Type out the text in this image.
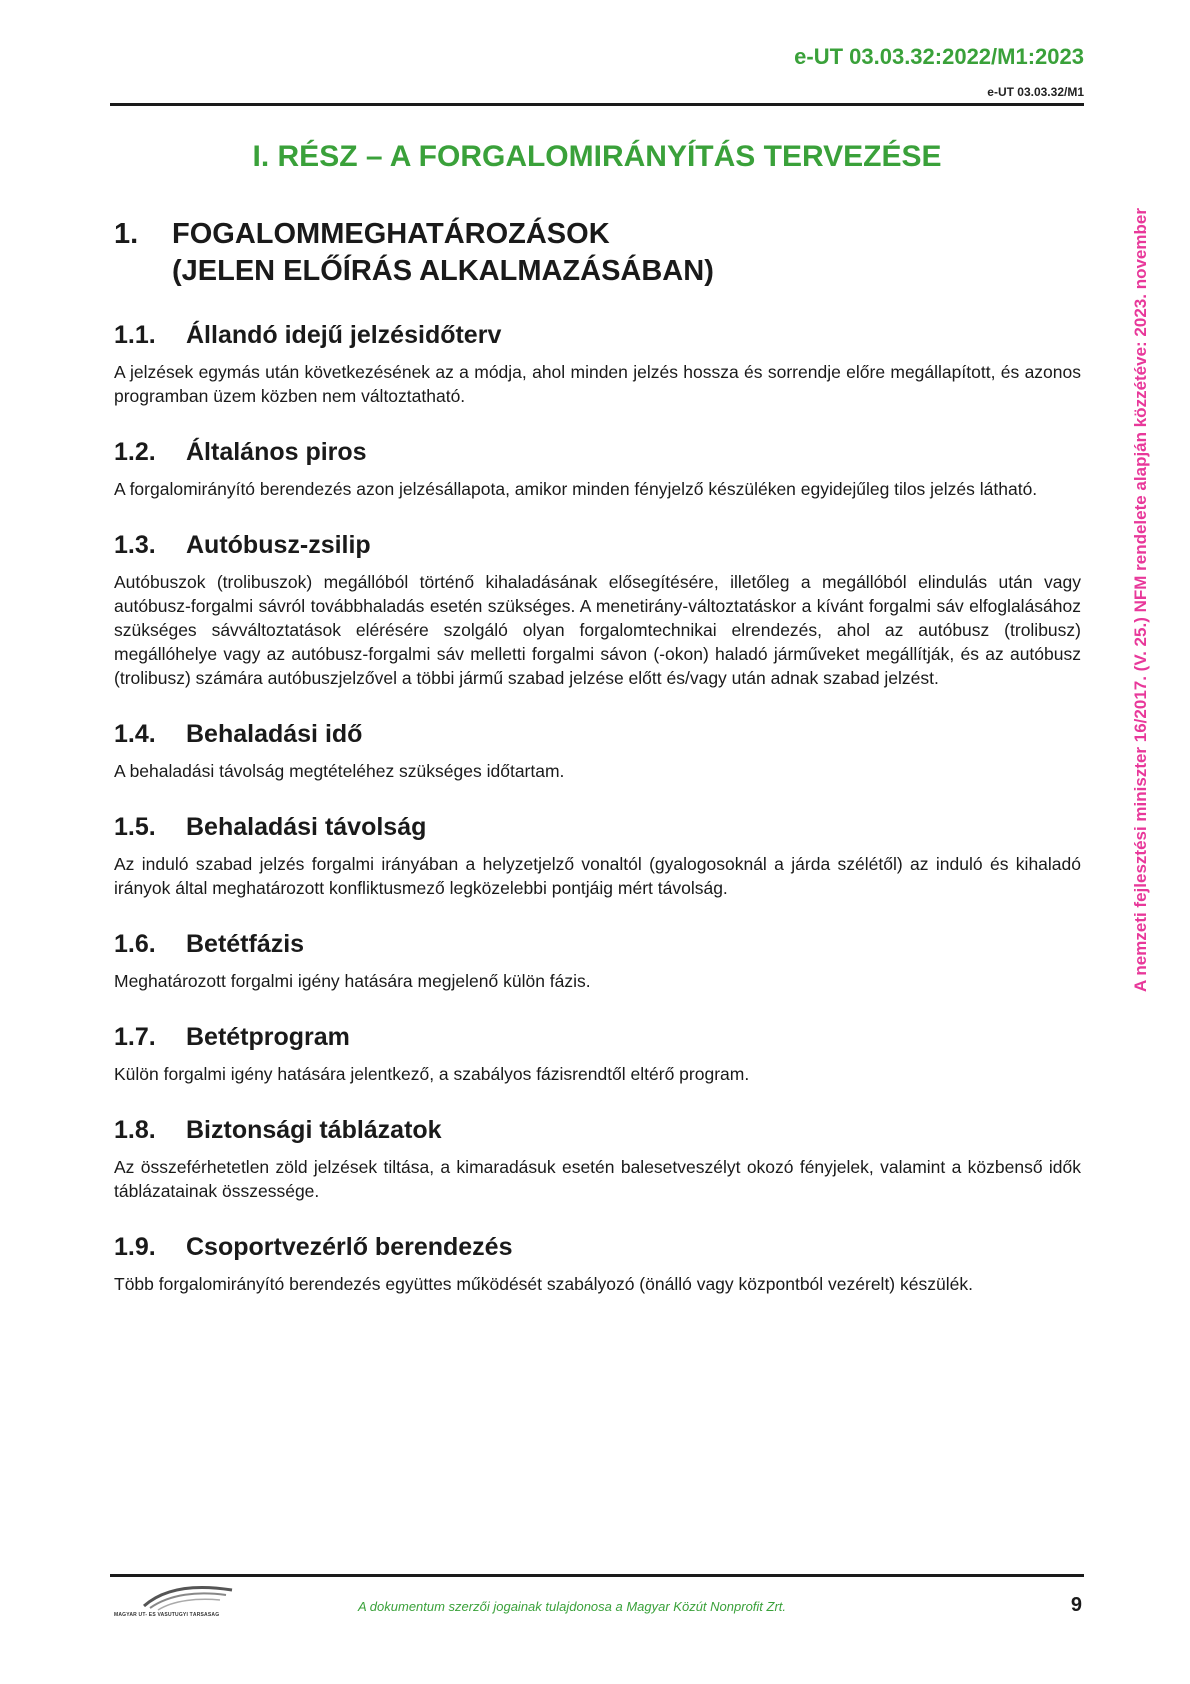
e-UT 03.03.32:2022/M1:2023
e-UT 03.03.32/M1
A nemzeti fejlesztési miniszter 16/2017. (V. 25.) NFM rendelete alapján közzétéve: 2023. november
I. RÉSZ – A FORGALOMIRÁNYÍTÁS TERVEZÉSE
1.	FOGALOMMEGHATÁROZÁSOK
(JELEN ELŐÍRÁS ALKALMAZÁSÁBAN)
1.1.	Állandó idejű jelzésidőterv
A jelzések egymás után következésének az a módja, ahol minden jelzés hossza és sorrendje előre megállapított, és azonos programban üzem közben nem változtatható.
1.2.	Általános piros
A forgalomirányító berendezés azon jelzésállapota, amikor minden fényjelző készüléken egyidejűleg tilos jelzés látható.
1.3.	Autóbusz-zsilip
Autóbuszok (trolibuszok) megállóból történő kihaladásának elősegítésére, illetőleg a megállóból elindulás után vagy autóbusz-forgalmi sávról továbbhaladás esetén szükséges. A menetirány-változtatáskor a kívánt forgalmi sáv elfoglalásához szükséges sávváltoztatások elérésére szolgáló olyan forgalomtechnikai elrendezés, ahol az autóbusz (trolibusz) megállóhelye vagy az autóbusz-forgalmi sáv melletti forgalmi sávon (-okon) haladó járműveket megállítják, és az autóbusz (trolibusz) számára autóbuszjelzővel a többi jármű szabad jelzése előtt és/vagy után adnak szabad jelzést.
1.4.	Behaladási idő
A behaladási távolság megtételéhez szükséges időtartam.
1.5.	Behaladási távolság
Az induló szabad jelzés forgalmi irányában a helyzetjelző vonaltól (gyalogosoknál a járda szélétől) az induló és kihaladó irányok által meghatározott konfliktusmező legközelebbi pontjáig mért távolság.
1.6.	Betétfázis
Meghatározott forgalmi igény hatására megjelenő külön fázis.
1.7.	Betétprogram
Külön forgalmi igény hatására jelentkező, a szabályos fázisrendtől eltérő program.
1.8.	Biztonsági táblázatok
Az összeférhetetlen zöld jelzések tiltása, a kimaradásuk esetén balesetveszélyt okozó fényjelek, valamint a közbenső idők táblázatainak összessége.
1.9.	Csoportvezérlő berendezés
Több forgalomirányító berendezés együttes működését szabályozó (önálló vagy központból vezérelt) készülék.
MAGYAR ÚT- ÉS VASÚTÜGYI TÁRSASÁG
A dokumentum szerzői jogainak tulajdonosa a Magyar Közút Nonprofit Zrt.	9
